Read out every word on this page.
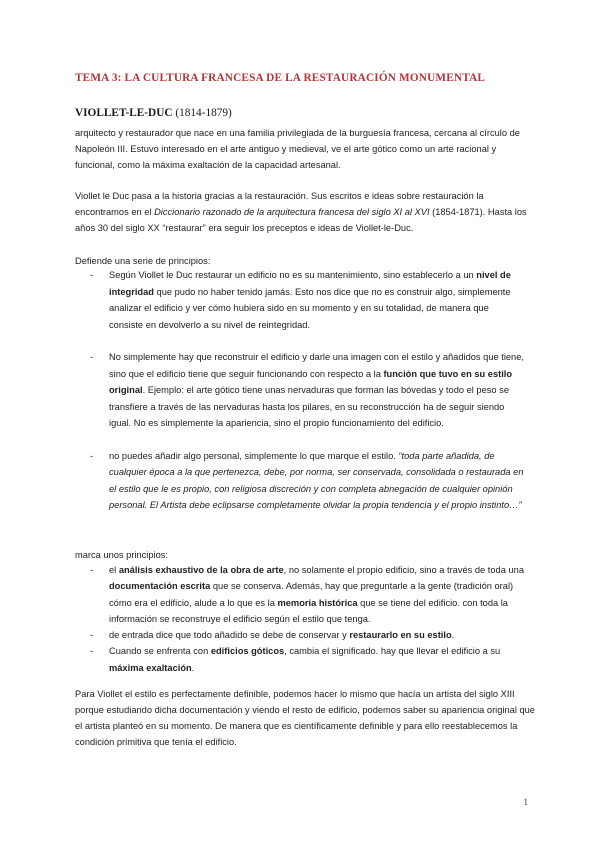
TEMA 3: LA CULTURA FRANCESA DE LA RESTAURACIÓN MONUMENTAL
VIOLLET-LE-DUC (1814-1879)

arquitecto y restaurador que nace en una familia privilegiada de la burguesía francesa, cercana al círculo de Napoleón III. Estuvo interesado en el arte antiguo y medieval, ve el arte gótico como un arte racional y funcional, como la máxima exaltación de la capacidad artesanal.

Viollet le Duc pasa a la historia gracias a la restauración. Sus escritos e ideas sobre restauración la encontramos en el Diccionario razonado de la arquitectura francesa del siglo XI al XVI (1854-1871). Hasta los años 30 del siglo XX “restaurar” era seguir los preceptos e ideas de Viollet-le-Duc.

Defiende una serie de principios:

- Según Viollet le Duc restaurar un edificio no es su mantenimiento, sino establecerlo a un nivel de integridad que pudo no haber tenido jamás. Esto nos dice que no es construir algo, simplemente analizar el edificio y ver cómo hubiera sido en su momento y en su totalidad, de manera que consiste en devolverlo a su nivel de reintegridad.
- No simplemente hay que reconstruir el edificio y darle una imagen con el estilo y añadidos que tiene, sino que el edificio tiene que seguir funcionando con respecto a la función que tuvo en su estilo original. Ejemplo: el arte gótico tiene unas nervaduras que forman las bóvedas y todo el peso se transfiere a través de las nervaduras hasta los pilares, en su reconstrucción ha de seguir siendo igual. No es simplemente la apariencia, sino el propio funcionamiento del edificio.
- no puedes añadir algo personal, simplemente lo que marque el estilo. “toda parte añadida, de cualquier época a la que pertenezca, debe, por norma, ser conservada, consolidada o restaurada en el estilo que le es propio, con religiosa discreción y con completa abnegación de cualquier opinión personal. El Artista debe eclipsarse completamente olvidar la propia tendencia y el propio instinto…”

marca unos principios:

- el análisis exhaustivo de la obra de arte, no solamente el propio edificio, sino a través de toda una documentación escrita que se conserva. Además, hay que preguntarle a la gente (tradición oral) cómo era el edificio, alude a lo que es la memoria histórica que se tiene del edificio. con toda la información se reconstruye el edificio según el estilo que tenga.
- de entrada dice que todo añadido se debe de conservar y restaurarlo en su estilo.
- Cuando se enfrenta con edificios góticos, cambia el significado. hay que llevar el edificio a su máxima exaltación.

Para Viollet el estilo es perfectamente definible, podemos hacer lo mismo que hacía un artista del siglo XIII porque estudiando dicha documentación y viendo el resto de edificio, podemos saber su apariencia original que el artista planteó en su momento. De manera que es científicamente definible y para ello reestablecemos la condición primitiva que tenía el edificio.

1
